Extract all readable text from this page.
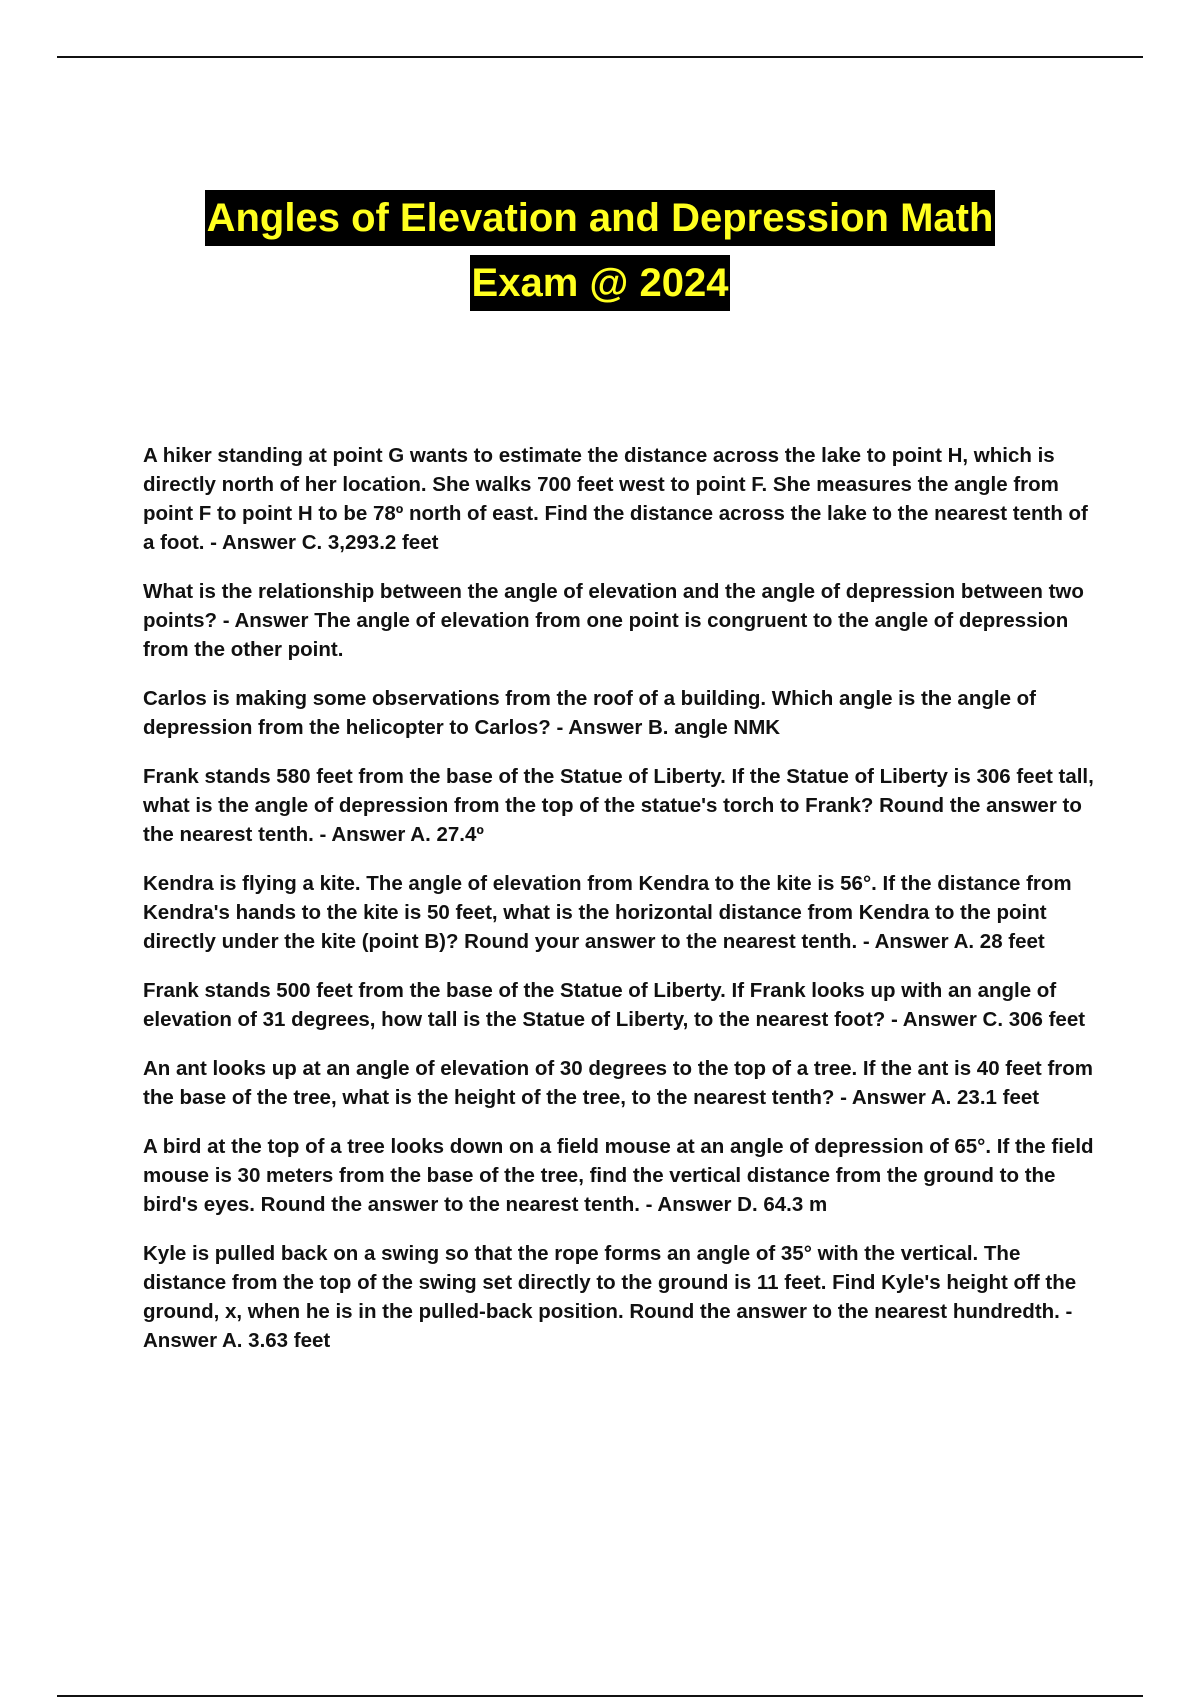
Angles of Elevation and Depression Math
Exam @ 2024

A hiker standing at point G wants to estimate the distance across the lake to point H, which is directly north of her location. She walks 700 feet west to point F. She measures the angle from point F to point H to be 78º north of east. Find the distance across the lake to the nearest tenth of a foot. - Answer C. 3,293.2 feet

What is the relationship between the angle of elevation and the angle of depression between two points? - Answer The angle of elevation from one point is congruent to the angle of depression from the other point.

Carlos is making some observations from the roof of a building. Which angle is the angle of depression from the helicopter to Carlos? - Answer B. angle NMK

Frank stands 580 feet from the base of the Statue of Liberty. If the Statue of Liberty is 306 feet tall, what is the angle of depression from the top of the statue's torch to Frank? Round the answer to the nearest tenth. - Answer A. 27.4º

Kendra is flying a kite. The angle of elevation from Kendra to the kite is 56°. If the distance from Kendra's hands to the kite is 50 feet, what is the horizontal distance from Kendra to the point directly under the kite (point B)? Round your answer to the nearest tenth. - Answer A. 28 feet

Frank stands 500 feet from the base of the Statue of Liberty. If Frank looks up with an angle of elevation of 31 degrees, how tall is the Statue of Liberty, to the nearest foot? - Answer C. 306 feet

An ant looks up at an angle of elevation of 30 degrees to the top of a tree. If the ant is 40 feet from the base of the tree, what is the height of the tree, to the nearest tenth? - Answer A. 23.1 feet

A bird at the top of a tree looks down on a field mouse at an angle of depression of 65°. If the field mouse is 30 meters from the base of the tree, find the vertical distance from the ground to the bird's eyes. Round the answer to the nearest tenth. - Answer D. 64.3 m

Kyle is pulled back on a swing so that the rope forms an angle of 35° with the vertical. The distance from the top of the swing set directly to the ground is 11 feet. Find Kyle's height off the ground, x, when he is in the pulled-back position. Round the answer to the nearest hundredth. - Answer A. 3.63 feet
